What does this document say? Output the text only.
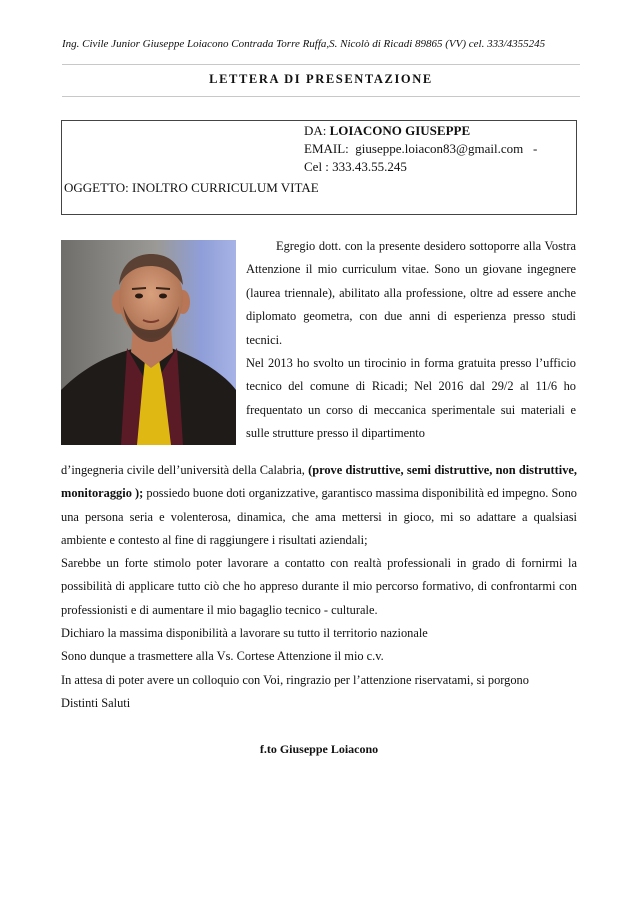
Ing. Civile Junior Giuseppe Loiacono Contrada Torre Ruffa,S. Nicolò di Ricadi 89865 (VV) cel. 333/4355245
LETTERA DI PRESENTAZIONE
DA: LOIACONO GIUSEPPE
EMAIL: giuseppe.loiacon83@gmail.com -
Cel : 333.43.55.245
OGGETTO: INOLTRO CURRICULUM VITAE

Egregio dott. con la presente desidero sottoporre alla Vostra Attenzione il mio curriculum vitae. Sono un giovane ingegnere (laurea triennale), abilitato alla professione, oltre ad essere anche diplomato geometra, con due anni di esperienza presso studi tecnici.

Nel 2013 ho svolto un tirocinio in forma gratuita presso l’ufficio tecnico del comune di Ricadi; Nel 2016 dal 29/2 al 11/6 ho frequentato un corso di meccanica sperimentale sui materiali e sulle strutture presso il dipartimento

d’ingegneria civile dell’università della Calabria, (prove distruttive, semi distruttive, non distruttive, monitoraggio ); possiedo buone doti organizzative, garantisco massima disponibilità ed impegno. Sono una persona seria e volenterosa, dinamica, che ama mettersi in gioco, mi so adattare a qualsiasi ambiente e contesto al fine di raggiungere i risultati aziendali;

Sarebbe un forte stimolo poter lavorare a contatto con realtà professionali in grado di fornirmi la possibilità di applicare tutto ciò che ho appreso durante il mio percorso formativo, di confrontarmi con professionisti e di aumentare il mio bagaglio tecnico - culturale.

Dichiaro la massima disponibilità a lavorare su tutto il territorio nazionale

Sono dunque a trasmettere alla Vs. Cortese Attenzione il mio c.v.

In attesa di poter avere un colloquio con Voi, ringrazio per l’attenzione riservatami, si porgono

Distinti Saluti

f.to Giuseppe Loiacono
